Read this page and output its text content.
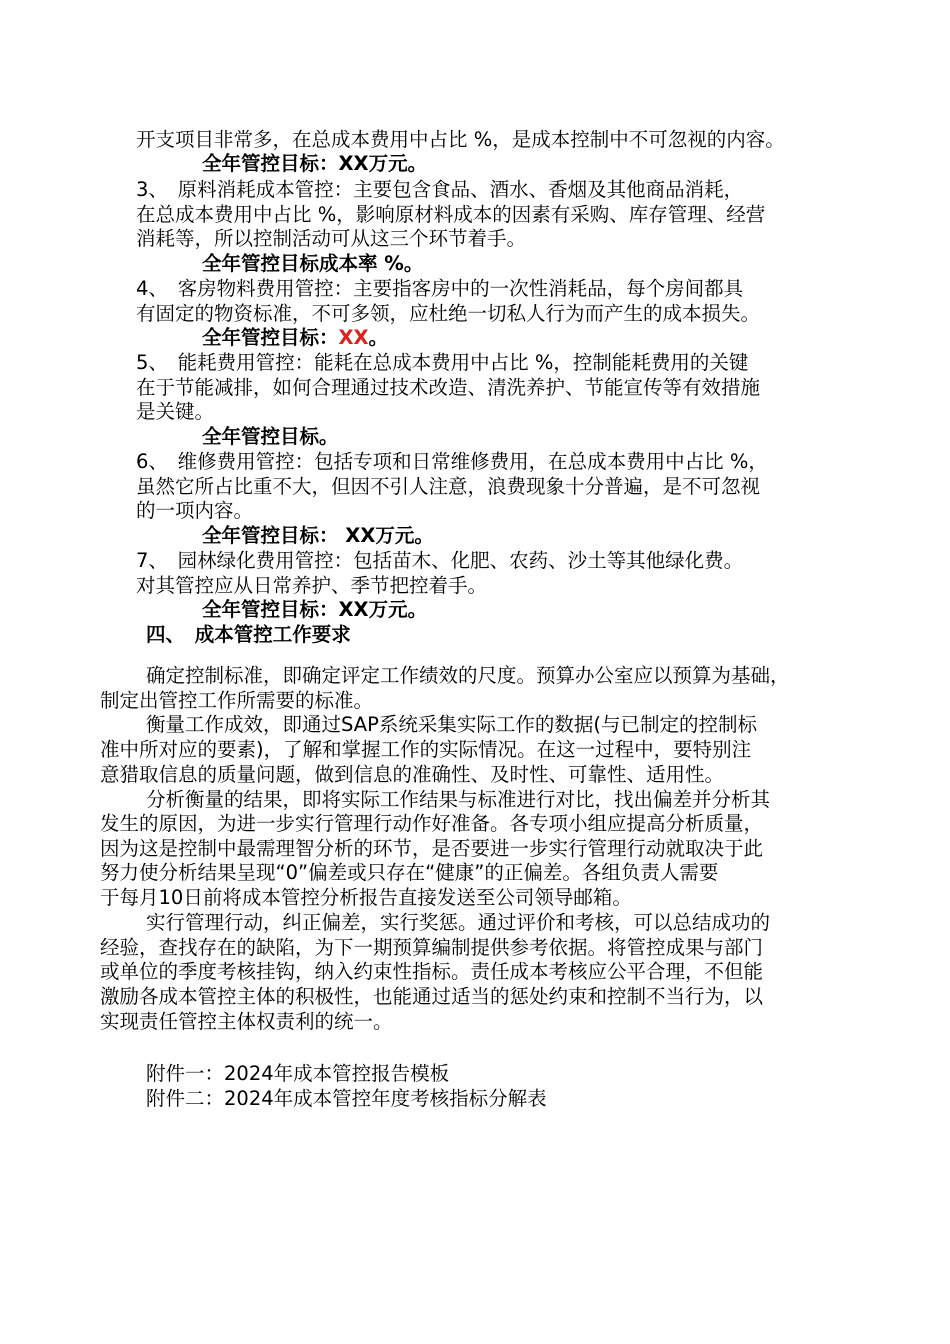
开支项目非常多，在总成本费用中占比 %，是成本控制中不可忽视的内容。
全年管控目标：XX万元。
3、　原料消耗成本管控：主要包含食品、酒水、香烟及其他商品消耗，
在总成本费用中占比 %，影响原材料成本的因素有采购、库存管理、经营
消耗等，所以控制活动可从这三个环节着手。
全年管控目标成本率 %。
4、　客房物料费用管控：主要指客房中的一次性消耗品，每个房间都具
有固定的物资标准，不可多领，应杜绝一切私人行为而产生的成本损失。
全年管控目标：XX。
5、　能耗费用管控：能耗在总成本费用中占比 %，控制能耗费用的关键
在于节能减排，如何合理通过技术改造、清洗养护、节能宣传等有效措施
是关键。
全年管控目标。
6、　维修费用管控：包括专项和日常维修费用，在总成本费用中占比 %，
虽然它所占比重不大，但因不引人注意，浪费现象十分普遍，是不可忽视
的一项内容。
全年管控目标： XX万元。
7、　园林绿化费用管控：包括苗木、化肥、农药、沙土等其他绿化费。
对其管控应从日常养护、季节把控着手。
全年管控目标：XX万元。
四、　成本管控工作要求
确定控制标准，即确定评定工作绩效的尺度。预算办公室应以预算为基础，
制定出管控工作所需要的标准。
衡量工作成效，即通过SAP系统采集实际工作的数据(与已制定的控制标
准中所对应的要素)，了解和掌握工作的实际情况。在这一过程中，要特别注
意猎取信息的质量问题，做到信息的准确性、及时性、可靠性、适用性。
分析衡量的结果，即将实际工作结果与标准进行对比，找出偏差并分析其
发生的原因，为进一步实行管理行动作好准备。各专项小组应提高分析质量，
因为这是控制中最需理智分析的环节，是否要进一步实行管理行动就取决于此
努力使分析结果呈现“0”偏差或只存在“健康”的正偏差。各组负责人需要
于每月10日前将成本管控分析报告直接发送至公司领导邮箱。
实行管理行动，纠正偏差，实行奖惩。通过评价和考核，可以总结成功的
经验，查找存在的缺陷，为下一期预算编制提供参考依据。将管控成果与部门
或单位的季度考核挂钩，纳入约束性指标。责任成本考核应公平合理，不但能
激励各成本管控主体的积极性，也能通过适当的惩处约束和控制不当行为，以
实现责任管控主体权责利的统一。
附件一：2024年成本管控报告模板
附件二：2024年成本管控年度考核指标分解表
